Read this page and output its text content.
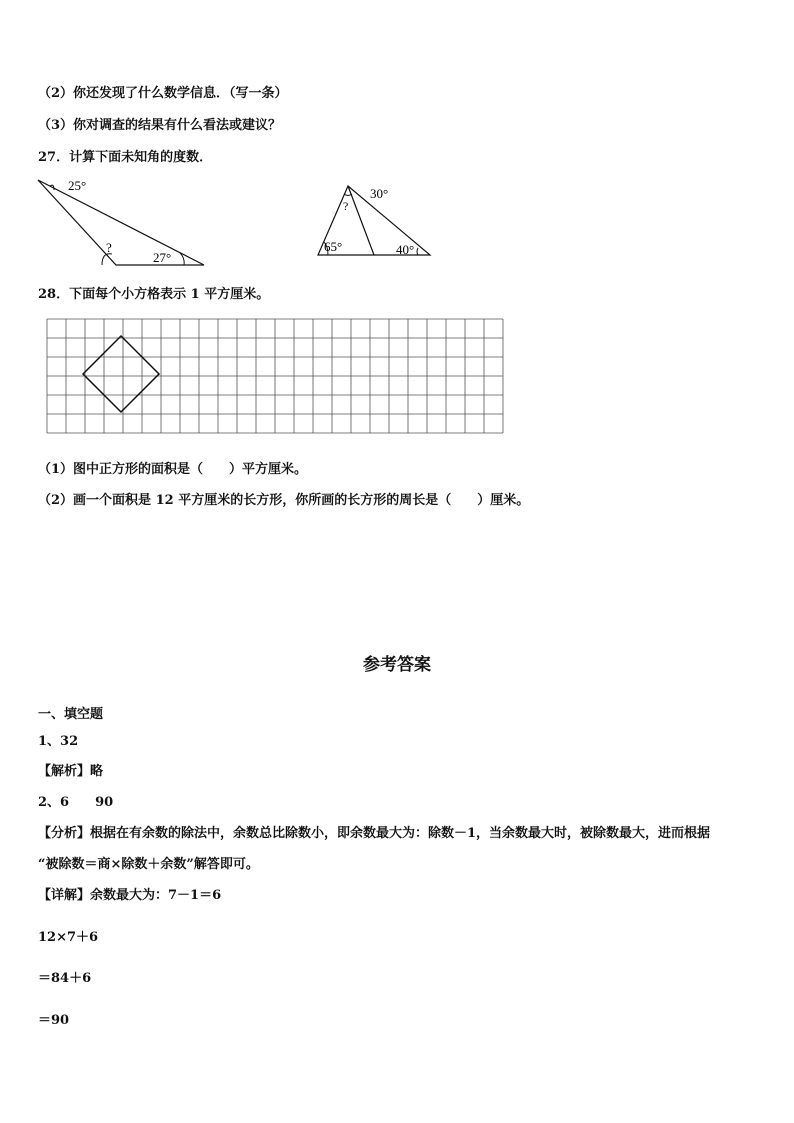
（2）你还发现了什么数学信息．（写一条）
（3）你对调查的结果有什么看法或建议？
27．计算下面未知角的度数．
25°
?
27°
30°
?
65°	40°
28．下面每个小方格表示 1 平方厘米。
（1）图中正方形的面积是（　　）平方厘米。
（2）画一个面积是 12 平方厘米的长方形，你所画的长方形的周长是（　　）厘米。
参考答案
一、填空题
1、32
【解析】略
2、6　　90
【分析】根据在有余数的除法中，余数总比除数小，即余数最大为：除数－1，当余数最大时，被除数最大，进而根据
“被除数＝商×除数＋余数”解答即可。
【详解】余数最大为：7－1＝6
12×7＋6
＝84＋6
＝90
